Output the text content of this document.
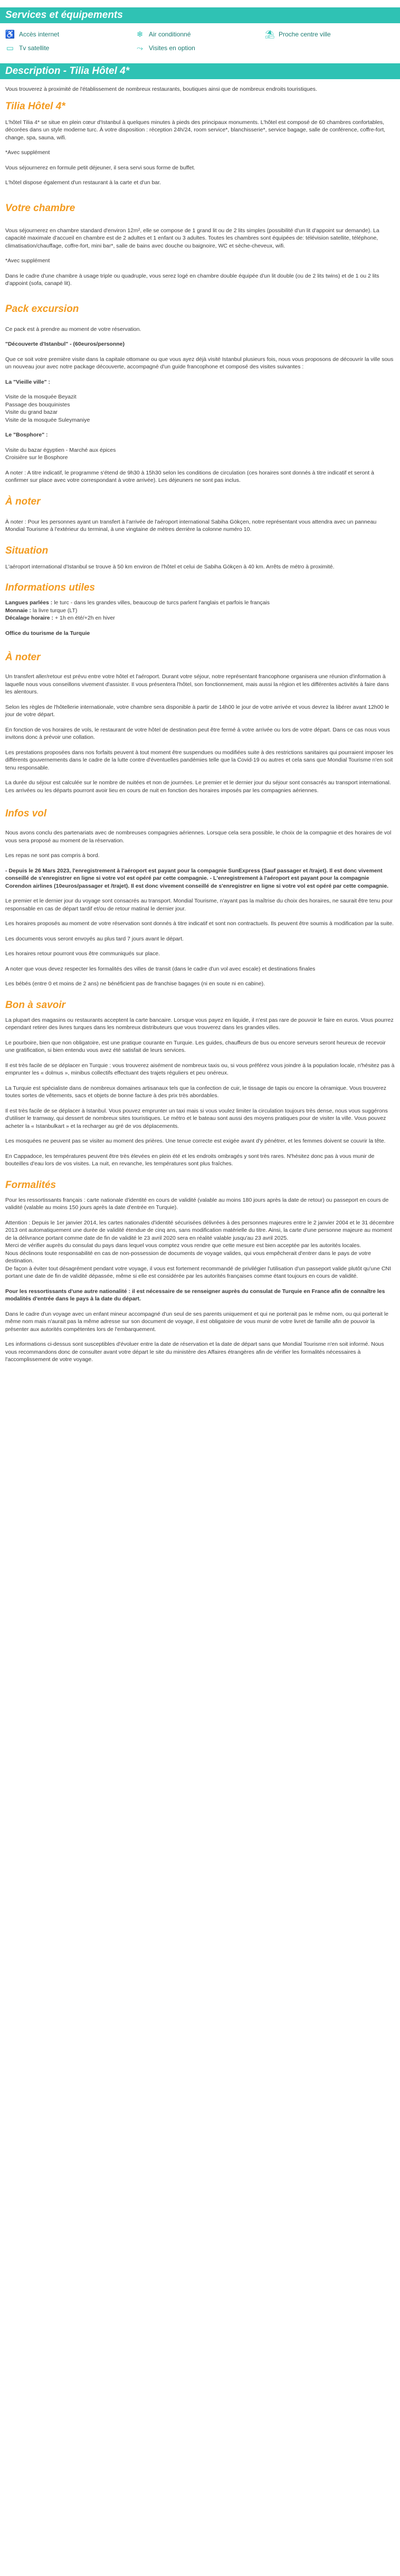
Services et équipements
♿ Accès internet	❄ Air conditionné	⛱ Proche centre ville
▭ Tv satellite	⤳ Visites en option
Description - Tilia Hôtel 4*

Vous trouverez à proximité de l'établissement de nombreux restaurants, boutiques ainsi que de nombreux endroits touristiques.

Tilia Hôtel 4*

L'hôtel Tilia 4* se situe en plein cœur d'Istanbul à quelques minutes à pieds des principaux monuments. L'hôtel est composé de 60 chambres confortables, décorées dans un style moderne turc. À votre disposition : réception 24h/24, room service*, blanchisserie*, service bagage, salle de conférence, coffre-fort, change, spa, sauna, wifi.

*Avec supplément

Vous séjournerez en formule petit déjeuner, il sera servi sous forme de buffet.

L'hôtel dispose également d'un restaurant à la carte et d'un bar.

Votre chambre

Vous séjournerez en chambre standard d'environ 12m², elle se compose de 1 grand lit ou de 2 lits simples (possibilité d'un lit d'appoint sur demande). La capacité maximale d'accueil en chambre est de 2 adultes et 1 enfant ou 3 adultes. Toutes les chambres sont équipées de: télévision satellite, téléphone, climatisation/chauffage, coffre-fort, mini bar*, salle de bains avec douche ou baignoire, WC et sèche-cheveux, wifi.

*Avec supplément

Dans le cadre d'une chambre à usage triple ou quadruple, vous serez logé en chambre double équipée d'un lit double (ou de 2 lits twins) et de 1 ou 2 lits d'appoint (sofa, canapé lit).

Pack excursion

Ce pack est à prendre au moment de votre réservation.

"Découverte d'Istanbul" - (60euros/personne)

Que ce soit votre première visite dans la capitale ottomane ou que vous ayez déjà visité Istanbul plusieurs fois, nous vous proposons de découvrir la ville sous un nouveau jour avec notre package découverte, accompagné d'un guide francophone et composé des visites suivantes :

La "Vieille ville" :

Visite de la mosquée Beyazit

Passage des bouquinistes

Visite du grand bazar

Visite de la mosquée Suleymaniye

Le "Bosphore" :

Visite du bazar égyptien - Marché aux épices

Croisière sur le Bosphore

A noter : A titre indicatif, le programme s'étend de 9h30 à 15h30 selon les conditions de circulation (ces horaires sont donnés à titre indicatif et seront à confirmer sur place avec votre correspondant à votre arrivée). Les déjeuners ne sont pas inclus.

À noter

À noter : Pour les personnes ayant un transfert à l'arrivée de l'aéroport international Sabiha Gökçen, notre représentant vous attendra avec un panneau Mondial Tourisme à l'extérieur du terminal, à une vingtaine de mètres derrière la colonne numéro 10.

Situation

L'aéroport international d'Istanbul se trouve à 50 km environ de l'hôtel et celui de Sabiha Gökçen à 40 km. Arrêts de métro à proximité.

Informations utiles

Langues parlées : le turc - dans les grandes villes, beaucoup de turcs parlent l'anglais et parfois le français

Monnaie : la livre turque (LT)

Décalage horaire : + 1h en été/+2h en hiver

Office du tourisme de la Turquie

À noter

Un transfert aller/retour est prévu entre votre hôtel et l'aéroport. Durant votre séjour, notre représentant francophone organisera une réunion d'information à laquelle nous vous conseillons vivement d'assister. Il vous présentera l'hôtel, son fonctionnement, mais aussi la région et les différentes activités à faire dans les alentours.

Selon les règles de l'hôtellerie internationale, votre chambre sera disponible à partir de 14h00 le jour de votre arrivée et vous devrez la libérer avant 12h00 le jour de votre départ.

En fonction de vos horaires de vols, le restaurant de votre hôtel de destination peut être fermé à votre arrivée ou lors de votre départ. Dans ce cas nous vous invitons donc à prévoir une collation.

Les prestations proposées dans nos forfaits peuvent à tout moment être suspendues ou modifiées suite à des restrictions sanitaires qui pourraient imposer les différents gouvernements dans le cadre de la lutte contre d'éventuelles pandémies telle que la Covid-19 ou autres et cela sans que Mondial Tourisme n'en soit tenu responsable.

La durée du séjour est calculée sur le nombre de nuitées et non de journées. Le premier et le dernier jour du séjour sont consacrés au transport international. Les arrivées ou les départs pourront avoir lieu en cours de nuit en fonction des horaires imposés par les compagnies aériennes.

Infos vol

Nous avons conclu des partenariats avec de nombreuses compagnies aériennes. Lorsque cela sera possible, le choix de la compagnie et des horaires de vol vous sera proposé au moment de la réservation.

Les repas ne sont pas compris à bord.

- Depuis le 26 Mars 2023, l'enregistrement à l'aéroport est payant pour la compagnie SunExpress (Sauf passager et /trajet). Il est donc vivement conseillé de s'enregistrer en ligne si votre vol est opéré par cette compagnie. - L'enregistrement à l'aéroport est payant pour la compagnie Corendon airlines (10euros/passager et /trajet). Il est donc vivement conseillé de s'enregistrer en ligne si votre vol est opéré par cette compagnie.

Le premier et le dernier jour du voyage sont consacrés au transport. Mondial Tourisme, n'ayant pas la maîtrise du choix des horaires, ne saurait être tenu pour responsable en cas de départ tardif et/ou de retour matinal le dernier jour.

Les horaires proposés au moment de votre réservation sont donnés à titre indicatif et sont non contractuels. Ils peuvent être soumis à modification par la suite.

Les documents vous seront envoyés au plus tard 7 jours avant le départ.

Les horaires retour pourront vous être communiqués sur place.

A noter que vous devez respecter les formalités des villes de transit (dans le cadre d'un vol avec escale) et destinations finales

Les bébés (entre 0 et moins de 2 ans) ne bénéficient pas de franchise bagages (ni en soute ni en cabine).

Bon à savoir

La plupart des magasins ou restaurants acceptent la carte bancaire. Lorsque vous payez en liquide, il n'est pas rare de pouvoir le faire en euros. Vous pourrez cependant retirer des livres turques dans les nombreux distributeurs que vous trouverez dans les grandes villes.

Le pourboire, bien que non obligatoire, est une pratique courante en Turquie. Les guides, chauffeurs de bus ou encore serveurs seront heureux de recevoir une gratification, si bien entendu vous avez été satisfait de leurs services.

Il est très facile de se déplacer en Turquie : vous trouverez aisément de nombreux taxis ou, si vous préférez vous joindre à la population locale, n'hésitez pas à emprunter les « dolmus », minibus collectifs effectuant des trajets réguliers et peu onéreux.

La Turquie est spécialiste dans de nombreux domaines artisanaux tels que la confection de cuir, le tissage de tapis ou encore la céramique. Vous trouverez toutes sortes de vêtements, sacs et objets de bonne facture à des prix très abordables.

Il est très facile de se déplacer à Istanbul. Vous pouvez emprunter un taxi mais si vous voulez limiter la circulation toujours très dense, nous vous suggérons d'utiliser le tramway, qui dessert de nombreux sites touristiques. Le métro et le bateau sont aussi des moyens pratiques pour de visiter la ville. Vous pouvez acheter la « Istanbulkart » et la recharger au gré de vos déplacements.

Les mosquées ne peuvent pas se visiter au moment des prières. Une tenue correcte est exigée avant d'y pénétrer, et les femmes doivent se couvrir la tête.

En Cappadoce, les températures peuvent être très élevées en plein été et les endroits ombragés y sont très rares. N'hésitez donc pas à vous munir de bouteilles d'eau lors de vos visites. La nuit, en revanche, les températures sont plus fraîches.

Formalités

Pour les ressortissants français : carte nationale d'identité en cours de validité (valable au moins 180 jours après la date de retour) ou passeport en cours de validité (valable au moins 150 jours après la date d'entrée en Turquie).

Attention : Depuis le 1er janvier 2014, les cartes nationales d'identité sécurisées délivrées à des personnes majeures entre le 2 janvier 2004 et le 31 décembre 2013 ont automatiquement une durée de validité étendue de cinq ans, sans modification matérielle du titre. Ainsi, la carte d'une personne majeure au moment de la délivrance portant comme date de fin de validité le 23 avril 2020 sera en réalité valable jusqu'au 23 avril 2025.

Merci de vérifier auprès du consulat du pays dans lequel vous comptez vous rendre que cette mesure est bien acceptée par les autorités locales.

Nous déclinons toute responsabilité en cas de non-possession de documents de voyage valides, qui vous empêcherait d'entrer dans le pays de votre destination.

De façon à éviter tout désagrément pendant votre voyage, il vous est fortement recommandé de privilégier l'utilisation d'un passeport valide plutôt qu'une CNI portant une date de fin de validité dépassée, même si elle est considérée par les autorités françaises comme étant toujours en cours de validité.

Pour les ressortissants d'une autre nationalité : il est nécessaire de se renseigner auprès du consulat de Turquie en France afin de connaître les modalités d'entrée dans le pays à la date du départ.

Dans le cadre d'un voyage avec un enfant mineur accompagné d'un seul de ses parents uniquement et qui ne porterait pas le même nom, ou qui porterait le même nom mais n'aurait pas la même adresse sur son document de voyage, il est obligatoire de vous munir de votre livret de famille afin de pouvoir la présenter aux autorités compétentes lors de l'embarquement.

Les informations ci-dessus sont susceptibles d'évoluer entre la date de réservation et la date de départ sans que Mondial Tourisme n'en soit informé. Nous vous recommandons donc de consulter avant votre départ le site du ministère des Affaires étrangères afin de vérifier les formalités nécessaires à l'accomplissement de votre voyage.
